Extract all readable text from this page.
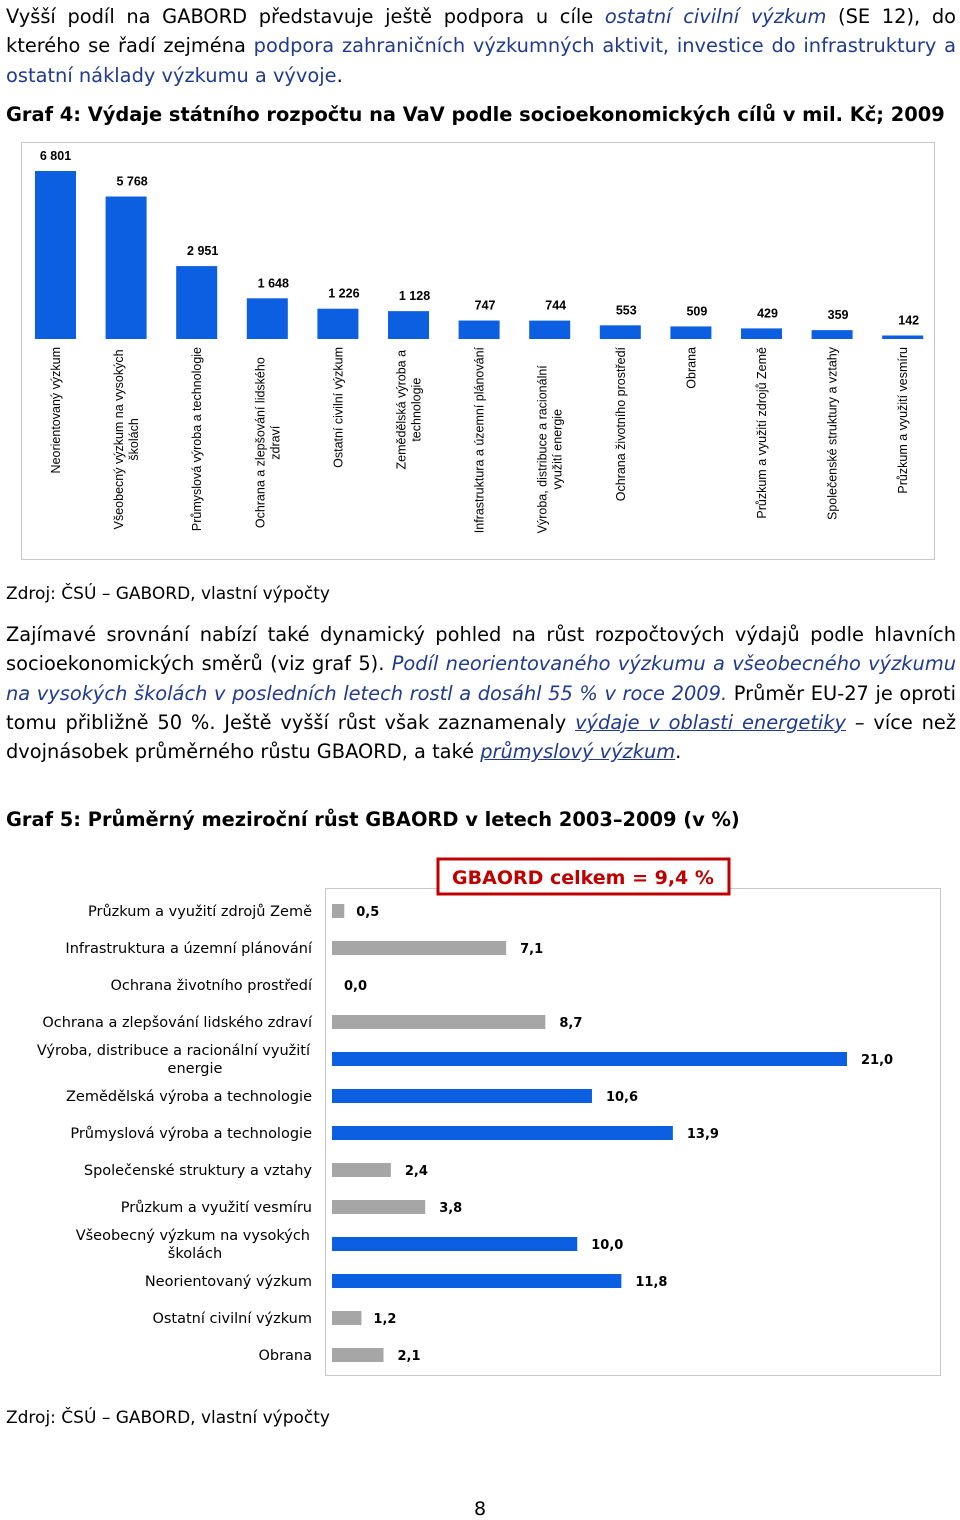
Vyšší podíl na GABORD představuje ještě podpora u cíle ostatní civilní výzkum (SE 12), do kterého se řadí zejména podpora zahraničních výzkumných aktivit, investice do infrastruktury a ostatní náklady výzkumu a vývoje.

Graf 4: Výdaje státního rozpočtu na VaV podle socioekonomických cílů v mil. Kč; 2009

6 801
Neorientovaný výzkum
5 768
Všeobecný výzkum na vysokých školách
2 951
Průmyslová výroba a technologie
1 648
Ochrana a zlepšování lidského zdraví
1 226
Ostatní civilní výzkum
1 128
Zemědělská výroba a technologie
747
Infrastruktura a územní plánování
744
Výroba, distribuce a racionální využití energie
553
Ochrana životního prostředí
509
Obrana
429
Průzkum a využití zdrojů Země
359
Společenské struktury a vztahy
142
Průzkum a využití vesmíru

Zdroj: ČSÚ – GABORD, vlastní výpočty

Zajímavé srovnání nabízí také dynamický pohled na růst rozpočtových výdajů podle hlavních socioekonomických směrů (viz graf 5). Podíl neorientovaného výzkumu a všeobecného výzkumu na vysokých školách v posledních letech rostl a dosáhl 55 % v roce 2009. Průměr EU-27 je oproti tomu přibližně 50 %. Ještě vyšší růst však zaznamenaly výdaje v oblasti energetiky – více než dvojnásobek průměrného růstu GBAORD, a také průmyslový výzkum.

Graf 5: Průměrný meziroční růst GBAORD v letech 2003–2009 (v %)

GBAORD celkem = 9,4 %
0,5
Průzkum a využití zdrojů Země
7,1
Infrastruktura a územní plánování
0,0
Ochrana životního prostředí
8,7
Ochrana a zlepšování lidského zdraví
21,0
Výroba, distribuce a racionální využití
energie
10,6
Zemědělská výroba a technologie
13,9
Průmyslová výroba a technologie
2,4
Společenské struktury a vztahy
3,8
Průzkum a využití vesmíru
10,0
Všeobecný výzkum na vysokých
školách
11,8
Neorientovaný výzkum
1,2
Ostatní civilní výzkum
2,1
Obrana

Zdroj: ČSÚ – GABORD, vlastní výpočty

8
